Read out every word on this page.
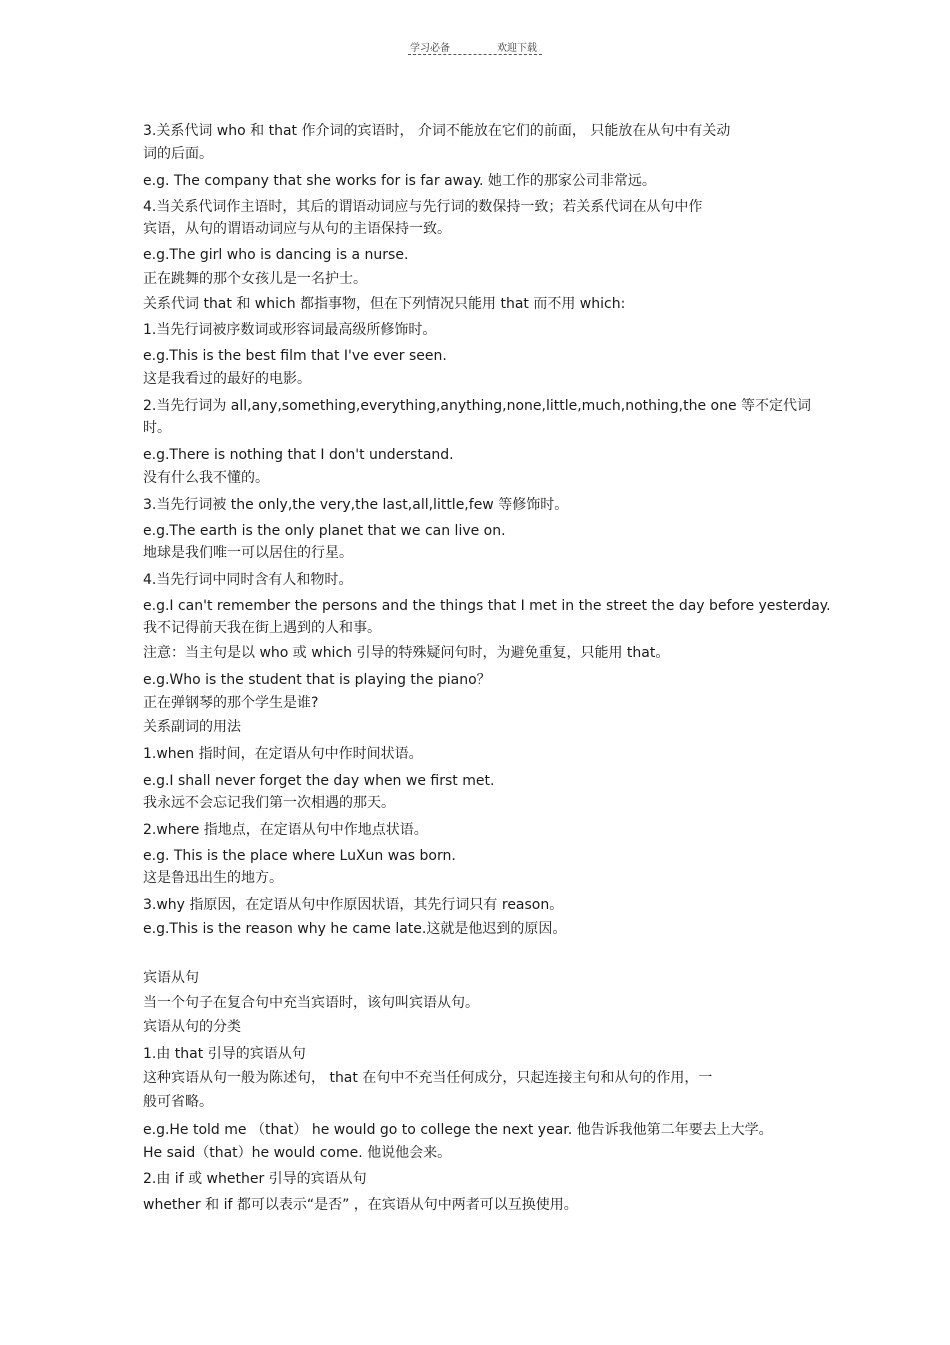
学习必备	欢迎下载
3.关系代词 who 和 that 作介词的宾语时， 介词不能放在它们的前面， 只能放在从句中有关动
词的后面。
e.g. The company that she works for is far away. 她工作的那家公司非常远。
4.当关系代词作主语时，其后的谓语动词应与先行词的数保持一致；若关系代词在从句中作
宾语，从句的谓语动词应与从句的主语保持一致。
e.g.The girl who is dancing is a nurse.
正在跳舞的那个女孩儿是一名护士。
关系代词 that 和 which 都指事物，但在下列情况只能用 that 而不用 which:
1.当先行词被序数词或形容词最高级所修饰时。
e.g.This is the best film that I've ever seen.
这是我看过的最好的电影。
2.当先行词为 all,any,something,everything,anything,none,little,much,nothing,the one 等不定代词
时。
e.g.There is nothing that I don't understand.
没有什么我不懂的。
3.当先行词被 the only,the very,the last,all,little,few 等修饰时。
e.g.The earth is the only planet that we can live on.
地球是我们唯一可以居住的行星。
4.当先行词中同时含有人和物时。
e.g.I can't remember the persons and the things that I met in the street the day before yesterday.
我不记得前天我在街上遇到的人和事。
注意：当主句是以 who 或 which 引导的特殊疑问句时，为避免重复，只能用 that。
e.g.Who is the student that is playing the piano？
正在弹钢琴的那个学生是谁?
关系副词的用法
1.when 指时间，在定语从句中作时间状语。
e.g.I shall never forget the day when we first met.
我永远不会忘记我们第一次相遇的那天。
2.where 指地点，在定语从句中作地点状语。
e.g. This is the place where LuXun was born.
这是鲁迅出生的地方。
3.why 指原因，在定语从句中作原因状语，其先行词只有 reason。
e.g.This is the reason why he came late.这就是他迟到的原因。
宾语从句
当一个句子在复合句中充当宾语时，该句叫宾语从句。
宾语从句的分类
1.由 that 引导的宾语从句
这种宾语从句一般为陈述句， that 在句中不充当任何成分，只起连接主句和从句的作用，一
般可省略。
e.g.He told me （that） he would go to college the next year. 他告诉我他第二年要去上大学。
He said（that）he would come. 他说他会来。
2.由 if 或 whether 引导的宾语从句
whether 和 if 都可以表示“是否” ，在宾语从句中两者可以互换使用。
